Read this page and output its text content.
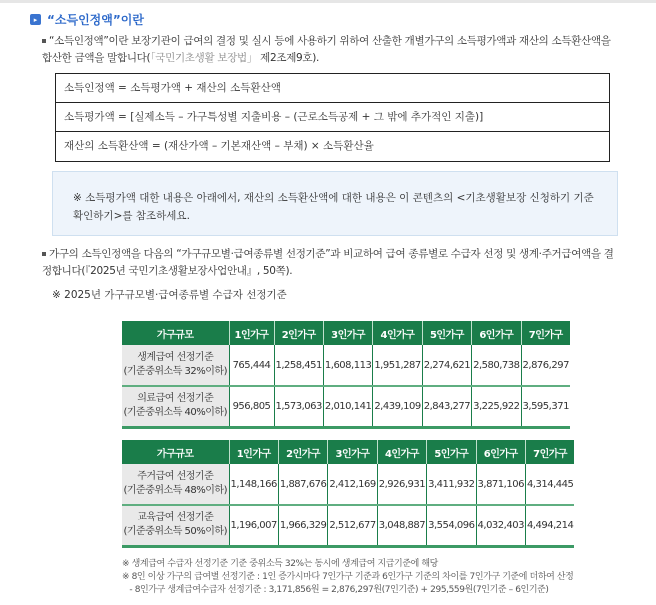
▸ “소득인정액”이란
“소득인정액”이란 보장기관이 급여의 결정 및 실시 등에 사용하기 위하여 산출한 개별가구의 소득평가액과 재산의 소득환산액을 합산한 금액을 말합니다(「국민기초생활 보장법」 제2조제9호).
소득인정액 = 소득평가액 + 재산의 소득환산액
소득평가액 = [실제소득 – 가구특성별 지출비용 – (근로소득공제 + 그 밖에 추가적인 지출)]
재산의 소득환산액 = (재산가액 – 기본재산액 – 부채) × 소득환산율
※ 소득평가액 대한 내용은 아래에서, 재산의 소득환산액에 대한 내용은 이 콘텐츠의 <기초생활보장 신청하기 기준 확인하기>를 참조하세요.
가구의 소득인정액을 다음의 “가구규모별·급여종류별 선정기준”과 비교하여 급여 종류별로 수급자 선정 및 생계·주거급여액을 결정합니다(『2025년 국민기초생활보장사업안내』, 50쪽).
※ 2025년 가구규모별·급여종류별 수급자 선정기준
가구규모	1인가구	2인가구	3인가구	4인가구	5인가구	6인가구	7인가구
생계급여 선정기준
(기준중위소득 32%이하)	765,444	1,258,451	1,608,113	1,951,287	2,274,621	2,580,738	2,876,297
의료급여 선정기준
(기준중위소득 40%이하)	956,805	1,573,063	2,010,141	2,439,109	2,843,277	3,225,922	3,595,371
가구규모	1인가구	2인가구	3인가구	4인가구	5인가구	6인가구	7인가구
주거급여 선정기준
(기준중위소득 48%이하)	1,148,166	1,887,676	2,412,169	2,926,931	3,411,932	3,871,106	4,314,445
교육급여 선정기준
(기준중위소득 50%이하)	1,196,007	1,966,329	2,512,677	3,048,887	3,554,096	4,032,403	4,494,214
※ 생계급여 수급자 선정기준 기준 중위소득 32%는 동시에 생계급여 지급기준에 해당
※ 8인 이상 가구의 급여별 선정기준 : 1인 증가시마다 7인가구 기준과 6인가구 기준의 차이를 7인가구 기준에 더하여 산정
- 8인가구 생계급여수급자 선정기준 : 3,171,856원 = 2,876,297원(7인기준) + 295,559원(7인기준 – 6인기준)
